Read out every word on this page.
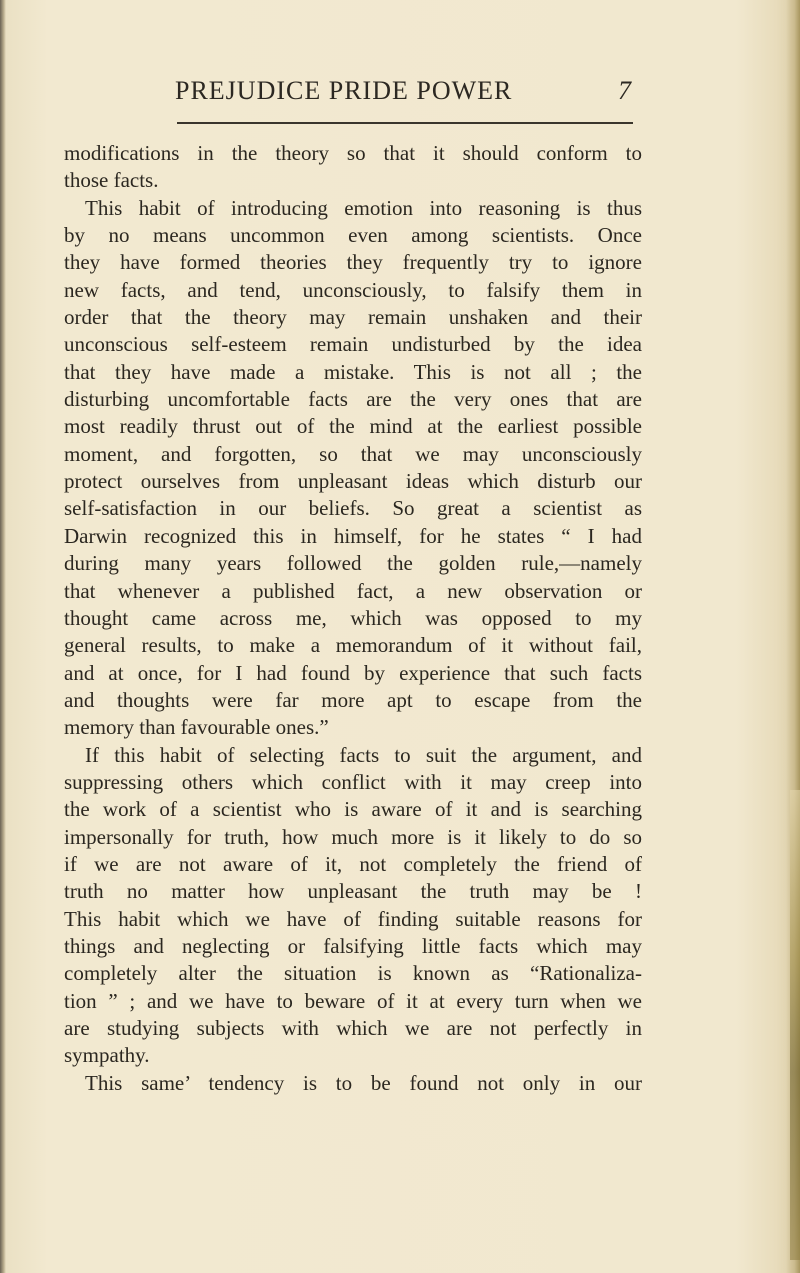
PREJUDICE PRIDE POWER	7
modifications in the theory so that it should conform to
those facts.
This habit of introducing emotion into reasoning is thus
by no means uncommon even among scientists. Once
they have formed theories they frequently try to ignore
new facts, and tend, unconsciously, to falsify them in
order that the theory may remain unshaken and their
unconscious self-esteem remain undisturbed by the idea
that they have made a mistake. This is not all ; the
disturbing uncomfortable facts are the very ones that are
most readily thrust out of the mind at the earliest possible
moment, and forgotten, so that we may unconsciously
protect ourselves from unpleasant ideas which disturb our
self-satisfaction in our beliefs. So great a scientist as
Darwin recognized this in himself, for he states “ I had
during many years followed the golden rule,—namely
that whenever a published fact, a new observation or
thought came across me, which was opposed to my
general results, to make a memorandum of it without fail,
and at once, for I had found by experience that such facts
and thoughts were far more apt to escape from the
memory than favourable ones.”
If this habit of selecting facts to suit the argument, and
suppressing others which conflict with it may creep into
the work of a scientist who is aware of it and is searching
impersonally for truth, how much more is it likely to do so
if we are not aware of it, not completely the friend of
truth no matter how unpleasant the truth may be !
This habit which we have of finding suitable reasons for
things and neglecting or falsifying little facts which may
completely alter the situation is known as “Rationaliza-
tion ” ; and we have to beware of it at every turn when we
are studying subjects with which we are not perfectly in
sympathy.
This same’ tendency is to be found not only in our
